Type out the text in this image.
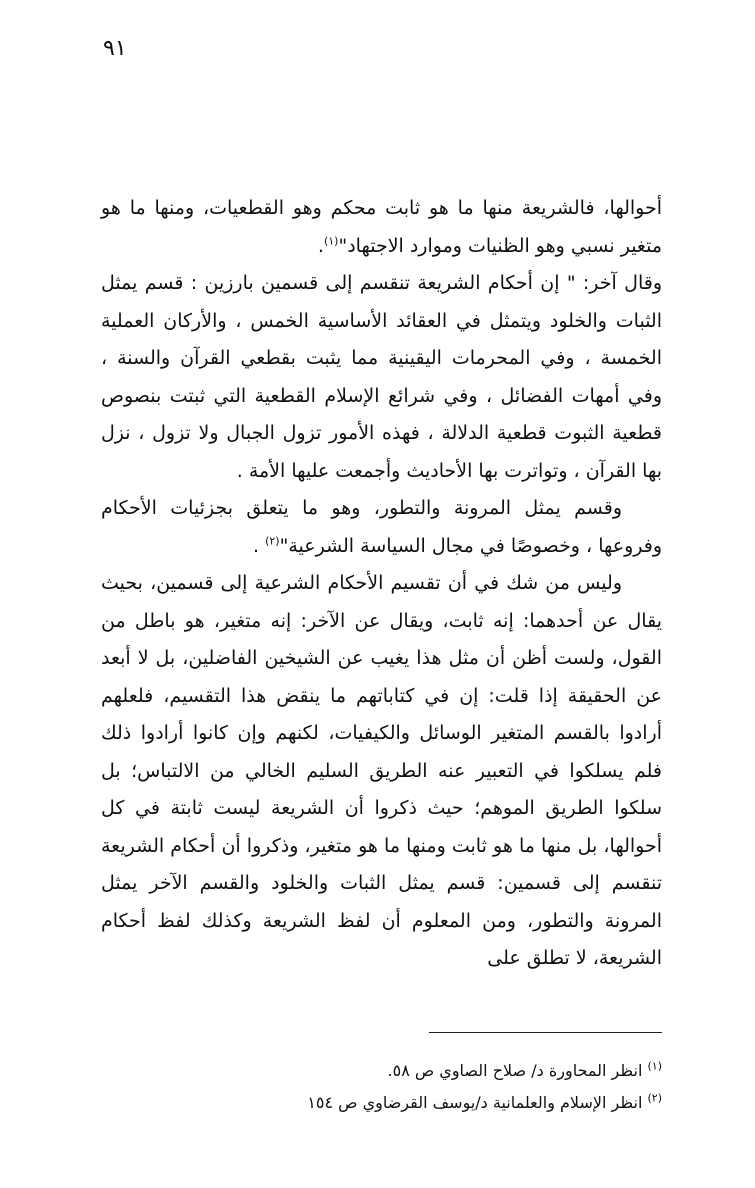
٩١

أحوالها، فالشريعة منها ما هو ثابت محكم وهو القطعيات، ومنها ما هو متغير نسبي وهو الظنيات وموارد الاجتهاد"$^{(١)}$.

وقال آخر: " إن أحكام الشريعة تنقسم إلى قسمين بارزين : قسم يمثل الثبات والخلود ويتمثل في العقائد الأساسية الخمس ، والأركان العملية الخمسة ، وفي المحرمات اليقينية مما يثبت بقطعي القرآن والسنة ، وفي أمهات الفضائل ، وفي شرائع الإسلام القطعية التي ثبتت بنصوص قطعية الثبوت قطعية الدلالة ، فهذه الأمور تزول الجبال ولا تزول ، نزل بها القرآن ، وتواترت بها الأحاديث وأجمعت عليها الأمة .

وقسم يمثل المرونة والتطور، وهو ما يتعلق بجزئيات الأحكام وفروعها ، وخصوصًا في مجال السياسة الشرعية"$^{(٢)}$ .

وليس من شك في أن تقسيم الأحكام الشرعية إلى قسمين، بحيث يقال عن أحدهما: إنه ثابت، ويقال عن الآخر: إنه متغير، هو باطل من القول، ولست أظن أن مثل هذا يغيب عن الشيخين الفاضلين، بل لا أبعد عن الحقيقة إذا قلت: إن في كتاباتهم ما ينقض هذا التقسيم، فلعلهم أرادوا بالقسم المتغير الوسائل والكيفيات، لكنهم وإن كانوا أرادوا ذلك فلم يسلكوا في التعبير عنه الطريق السليم الخالي من الالتباس؛ بل سلكوا الطريق الموهم؛ حيث ذكروا أن الشريعة ليست ثابتة في كل أحوالها، بل منها ما هو ثابت ومنها ما هو متغير، وذكروا أن أحكام الشريعة تنقسم إلى قسمين: قسم يمثل الثبات والخلود والقسم الآخر يمثل المرونة والتطور، ومن المعلوم أن لفظ الشريعة وكذلك لفظ أحكام الشريعة، لا تطلق على

$^{(١)}$ انظر المحاورة د/ صلاح الصاوي ص ٥٨.
$^{(٢)}$ انظر الإسلام والعلمانية د/يوسف القرضاوي ص ١٥٤
